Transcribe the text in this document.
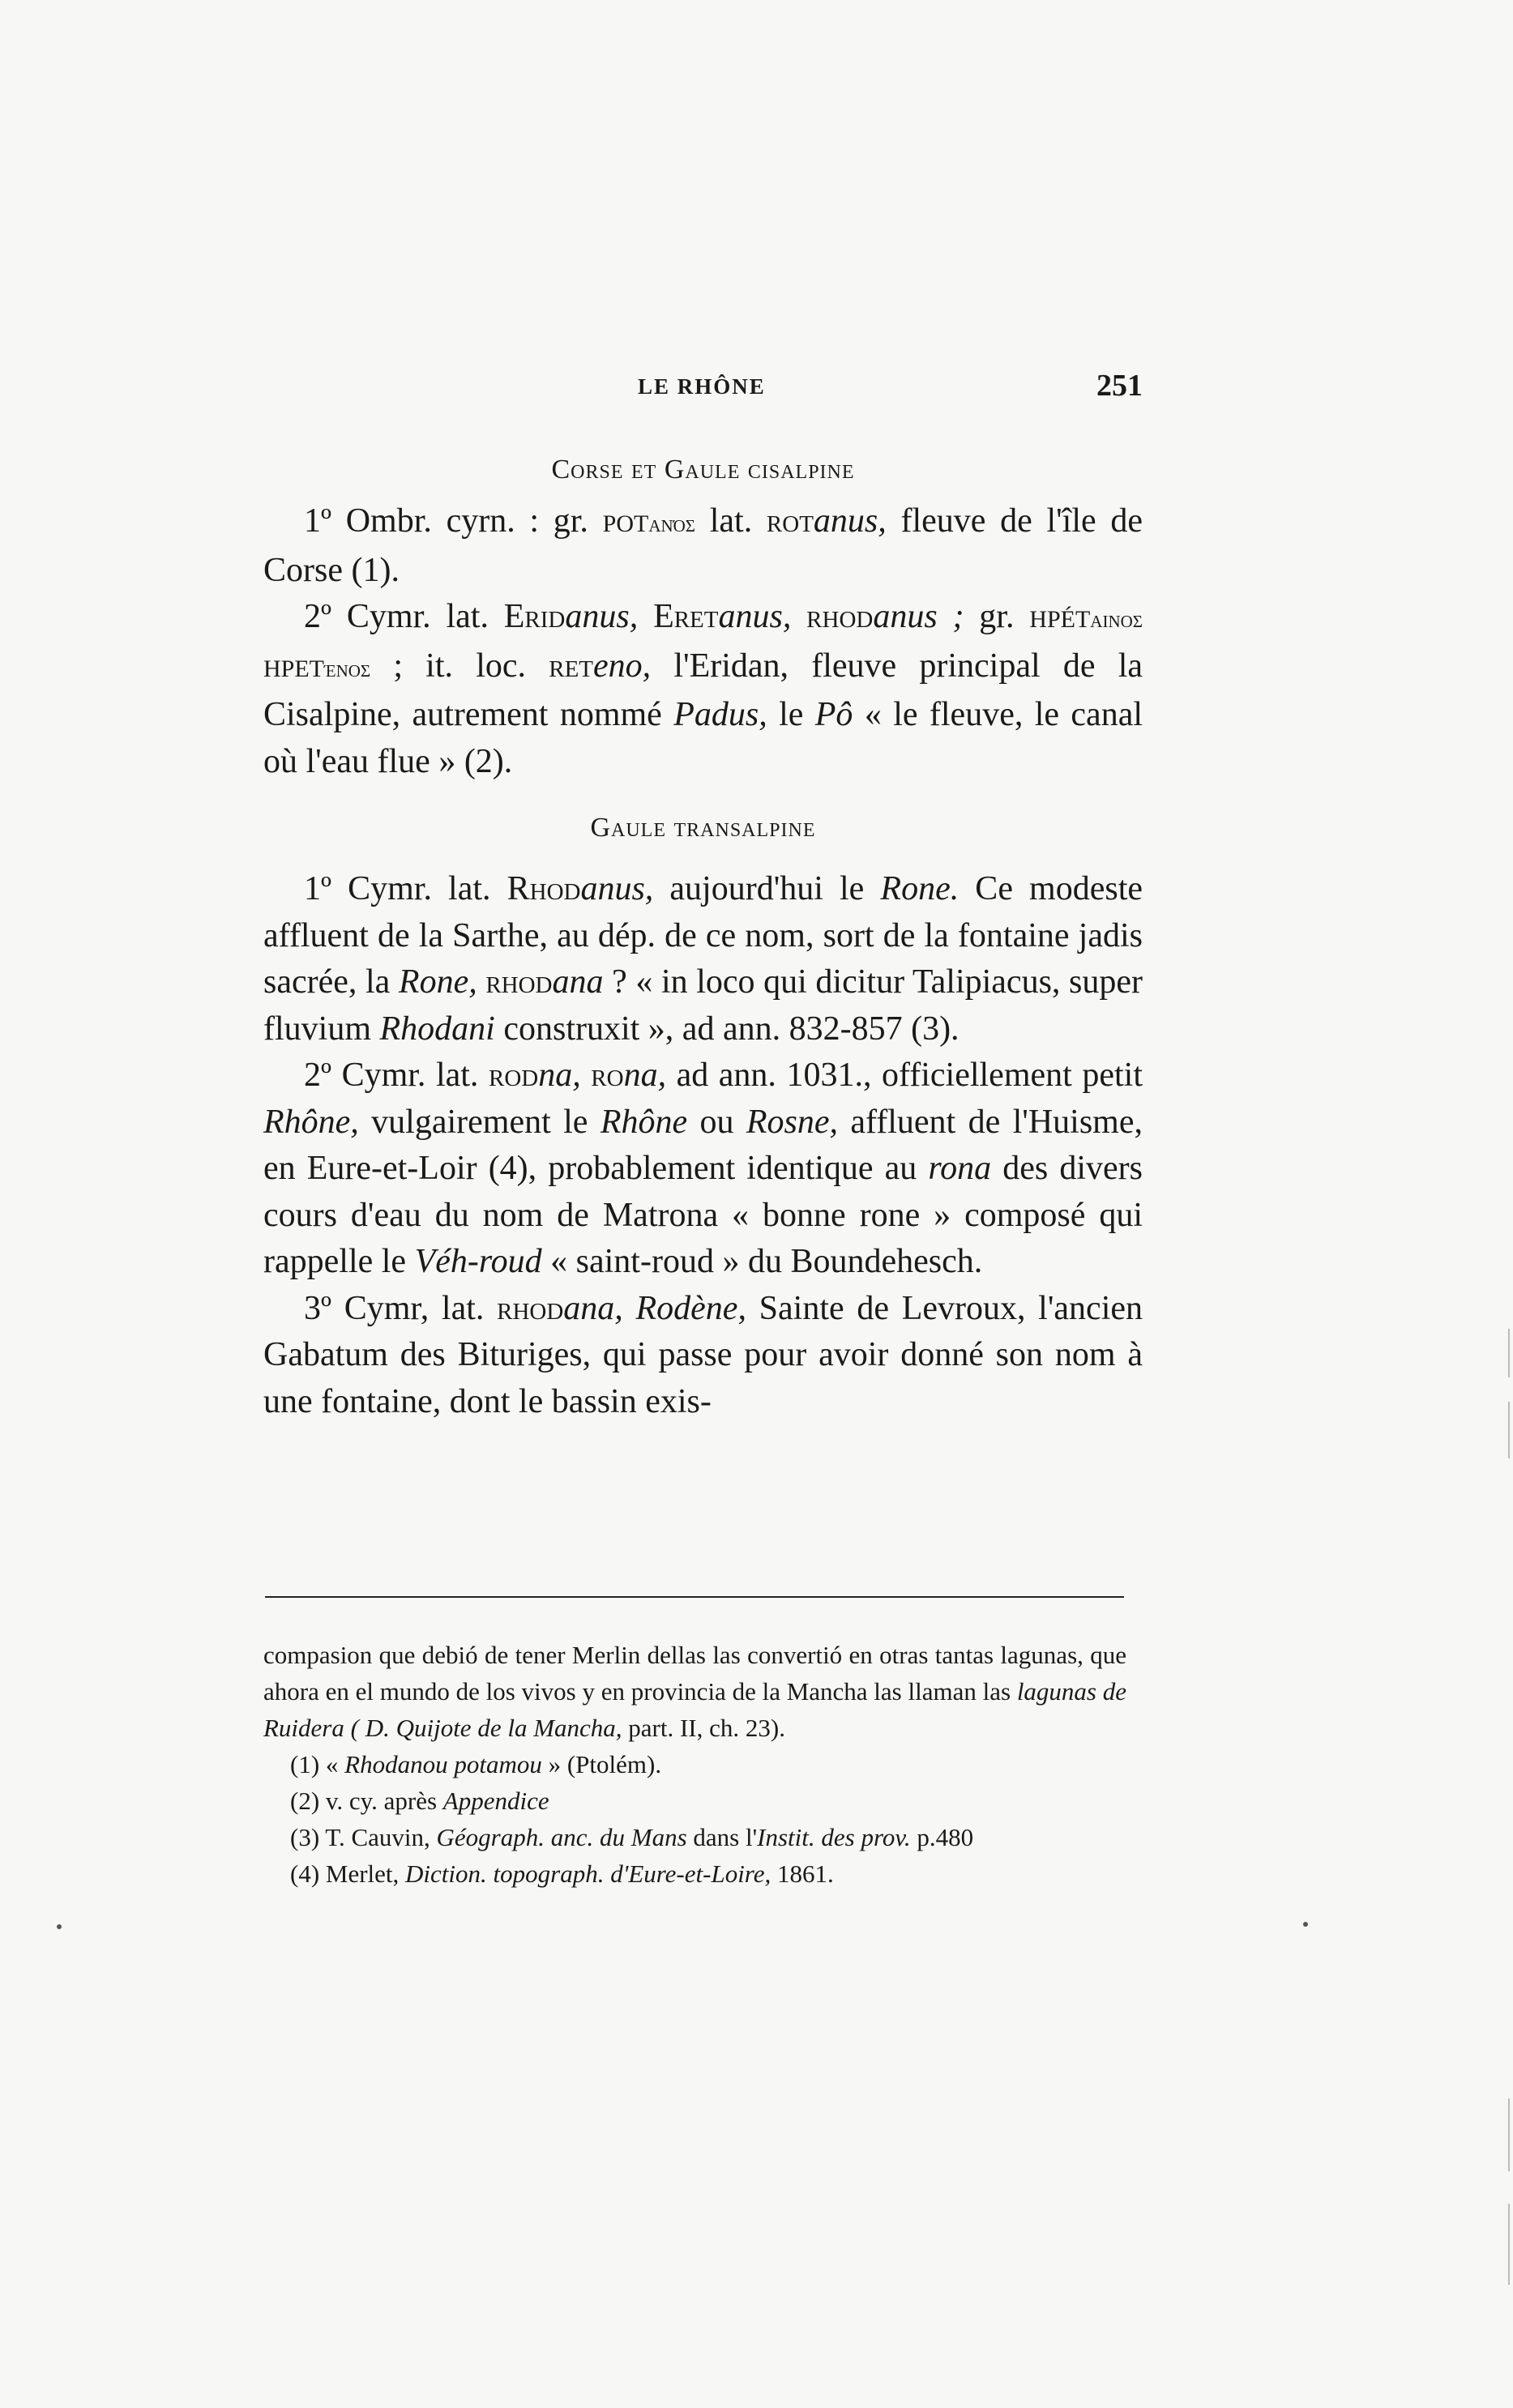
LE RHÔNE	251
Corse et Gaule cisalpine

1º Ombr. cyrn. : gr. POTανός lat. rotanus, fleuve de l'île de Corse (1).

2º Cymr. lat. Eridanus, Eretanus, rhodanus ; gr. HPÉTαινος HPETένος ; it. loc. reteno, l'Eridan, fleuve principal de la Cisalpine, autrement nommé Padus, le Pô « le fleuve, le canal où l'eau flue » (2).

Gaule transalpine

1º Cymr. lat. Rhodanus, aujourd'hui le Rone. Ce modeste affluent de la Sarthe, au dép. de ce nom, sort de la fontaine jadis sacrée, la Rone, rhodana ? « in loco qui dicitur Talipiacus, super fluvium Rhodani construxit », ad ann. 832-857 (3).

2º Cymr. lat. rodna, rona, ad ann. 1031., officiellement petit Rhône, vulgairement le Rhône ou Rosne, affluent de l'Huisme, en Eure-et-Loir (4), probablement identique au rona des divers cours d'eau du nom de Matrona « bonne rone » composé qui rappelle le Véh-roud « saint-roud » du Boundehesch.

3º Cymr, lat. rhodana, Rodène, Sainte de Levroux, l'ancien Gabatum des Bituriges, qui passe pour avoir donné son nom à une fontaine, dont le bassin exis-

compasion que debió de tener Merlin dellas las convertió en otras tantas lagunas, que ahora en el mundo de los vivos y en provincia de la Mancha las llaman las lagunas de Ruidera ( D. Quijote de la Mancha, part. II, ch. 23).

(1) « Rhodanou potamou » (Ptolém).

(2) v. cy. après Appendice

(3) T. Cauvin, Géograph. anc. du Mans dans l'Instit. des prov. p.480

(4) Merlet, Diction. topograph. d'Eure-et-Loire, 1861.
